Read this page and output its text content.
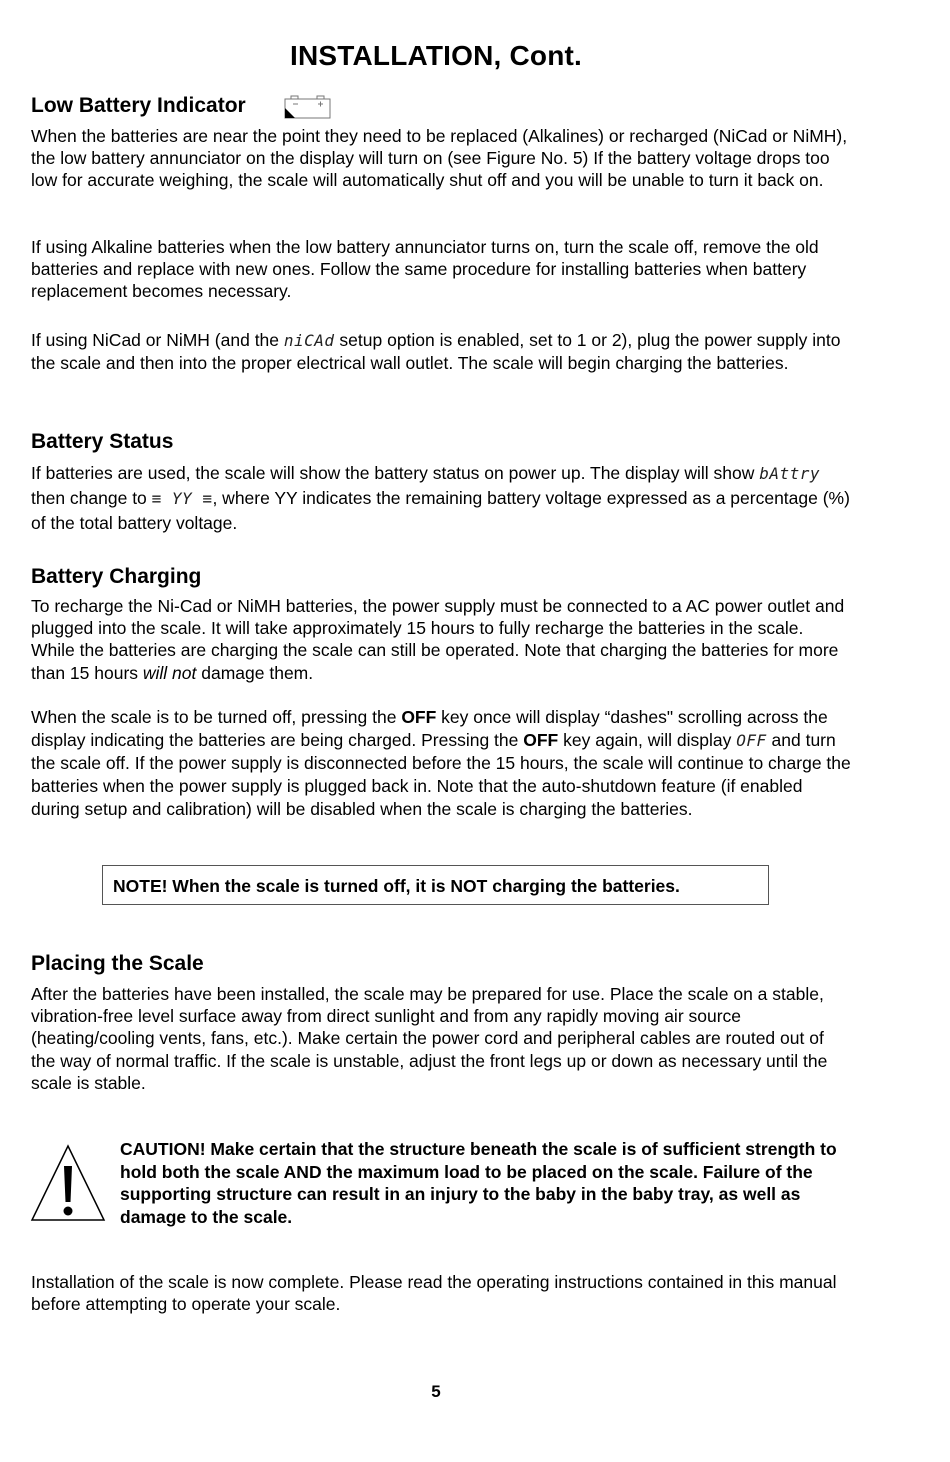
INSTALLATION, Cont.
Low Battery Indicator
When the batteries are near the point they need to be replaced (Alkalines) or recharged (NiCad or NiMH), the low battery annunciator on the display will turn on (see Figure No. 5) If the battery voltage drops too low for accurate weighing, the scale will automatically shut off and you will be unable to turn it back on.
If using Alkaline batteries when the low battery annunciator turns on, turn the scale off, remove the old batteries and replace with new ones. Follow the same procedure for installing batteries when battery replacement becomes necessary.
If using NiCad or NiMH (and the niCAd setup option is enabled, set to 1 or 2), plug the power supply into the scale and then into the proper electrical wall outlet. The scale will begin charging the batteries.
Battery Status
If batteries are used, the scale will show the battery status on power up. The display will show bAttry then change to ≡ YY ≡, where YY indicates the remaining battery voltage expressed as a percentage (%) of the total battery voltage.
Battery Charging
To recharge the Ni-Cad or NiMH batteries, the power supply must be connected to a AC power outlet and plugged into the scale. It will take approximately 15 hours to fully recharge the batteries in the scale. While the batteries are charging the scale can still be operated. Note that charging the batteries for more than 15 hours will not damage them.
When the scale is to be turned off, pressing the OFF key once will display “dashes" scrolling across the display indicating the batteries are being charged. Pressing the OFF key again, will display OFF and turn the scale off. If the power supply is disconnected before the 15 hours, the scale will continue to charge the batteries when the power supply is plugged back in. Note that the auto-shutdown feature (if enabled during setup and calibration) will be disabled when the scale is charging the batteries.
NOTE! When the scale is turned off, it is NOT charging the batteries.
Placing the Scale
After the batteries have been installed, the scale may be prepared for use. Place the scale on a stable, vibration-free level surface away from direct sunlight and from any rapidly moving air source (heating/cooling vents, fans, etc.). Make certain the power cord and peripheral cables are routed out of the way of normal traffic. If the scale is unstable, adjust the front legs up or down as necessary until the scale is stable.
CAUTION! Make certain that the structure beneath the scale is of sufficient strength to hold both the scale AND the maximum load to be placed on the scale. Failure of the supporting structure can result in an injury to the baby in the baby tray, as well as damage to the scale.
Installation of the scale is now complete. Please read the operating instructions contained in this manual before attempting to operate your scale.
5
